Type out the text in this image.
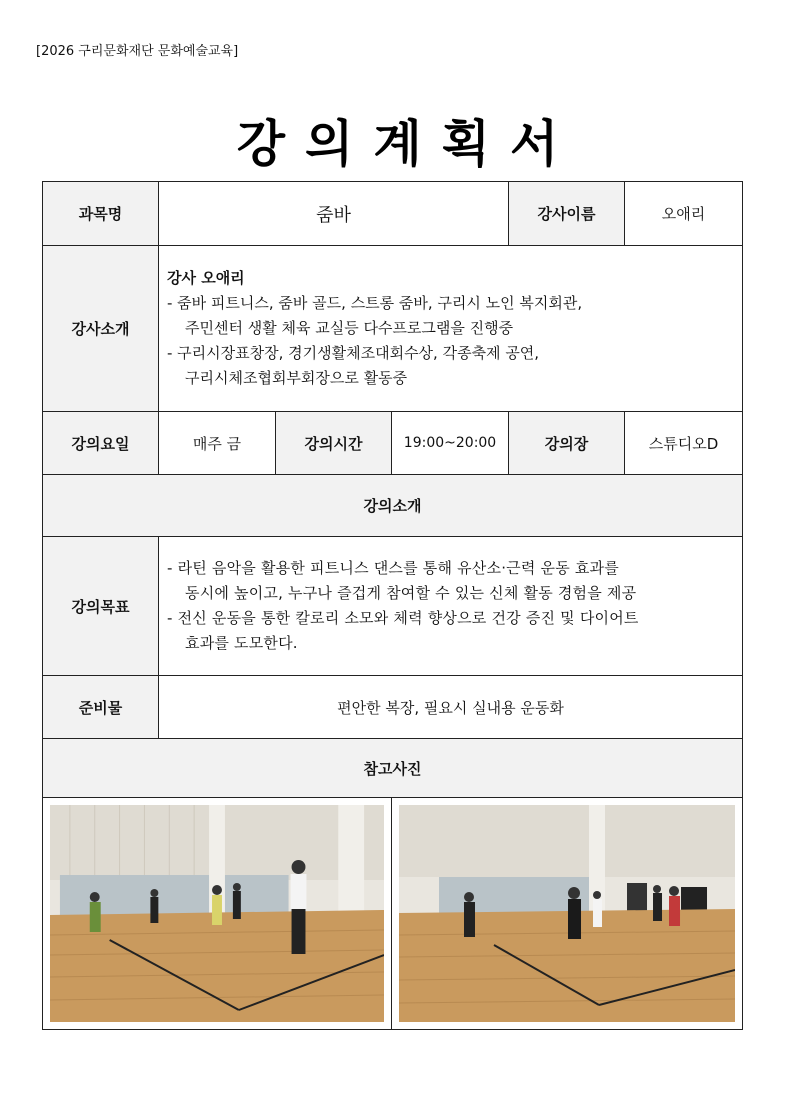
[2026 구리문화재단 문화예술교육]
강의계획서
과목명	줌바			강사이름	오애리
강사소개	강사 오애리
- 줌바 피트니스, 줌바 골드, 스트롱 줌바, 구리시 노인 복지회관,
주민센터 생활 체육 교실등 다수프로그램을 진행중
- 구리시장표창장, 경기생활체조대회수상, 각종축제 공연,
구리시체조협회부회장으로 활동중				

강의요일	매주 금	강의시간	19:00~20:00	강의장	스튜디오D
강의소개					
강의목표	- 라틴 음악을 활용한 피트니스 댄스를 통해 유산소·근력 운동 효과를
동시에 높이고, 누구나 즐겁게 참여할 수 있는 신체 활동 경험을 제공
- 전신 운동을 통한 칼로리 소모와 체력 향상으로 건강 증진 및 다이어트
효과를 도모한다.				

준비물	편안한 복장, 필요시 실내용 운동화				
참고사진					
